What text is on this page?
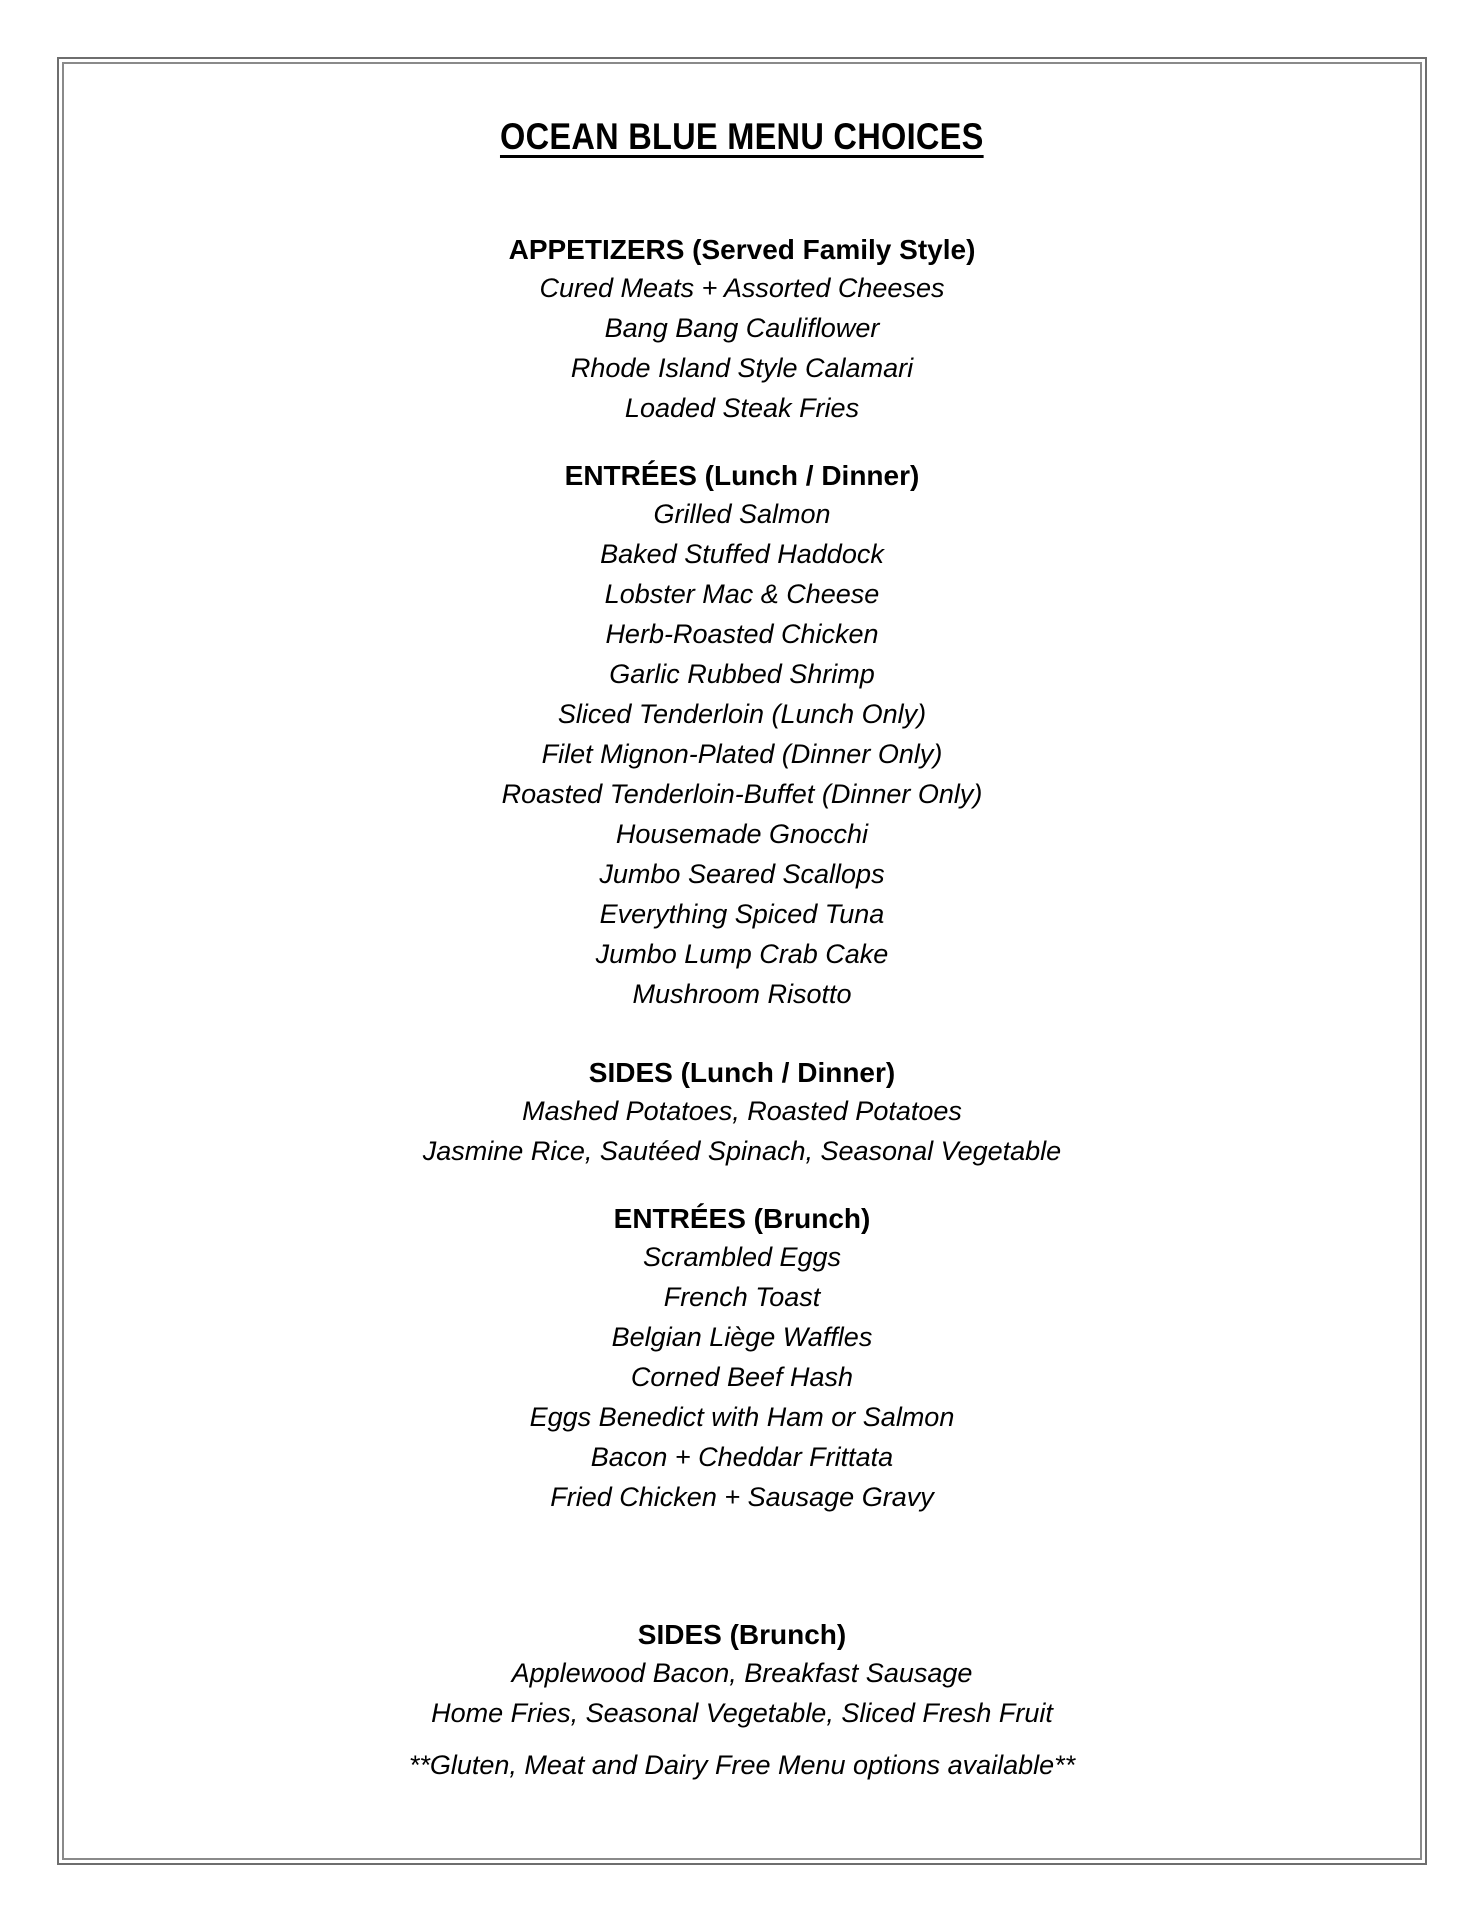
OCEAN BLUE MENU CHOICES
APPETIZERS (Served Family Style)
Cured Meats + Assorted Cheeses
Bang Bang Cauliflower
Rhode Island Style Calamari
Loaded Steak Fries
ENTRÉES (Lunch / Dinner)
Grilled Salmon
Baked Stuffed Haddock
Lobster Mac & Cheese
Herb-Roasted Chicken
Garlic Rubbed Shrimp
Sliced Tenderloin (Lunch Only)
Filet Mignon-Plated (Dinner Only)
Roasted Tenderloin-Buffet (Dinner Only)
Housemade Gnocchi
Jumbo Seared Scallops
Everything Spiced Tuna
Jumbo Lump Crab Cake
Mushroom Risotto
SIDES (Lunch / Dinner)
Mashed Potatoes, Roasted Potatoes
Jasmine Rice, Sautéed Spinach, Seasonal Vegetable
ENTRÉES (Brunch)
Scrambled Eggs
French Toast
Belgian Liège Waffles
Corned Beef Hash
Eggs Benedict with Ham or Salmon
Bacon + Cheddar Frittata
Fried Chicken + Sausage Gravy
SIDES (Brunch)
Applewood Bacon, Breakfast Sausage
Home Fries, Seasonal Vegetable, Sliced Fresh Fruit
**Gluten, Meat and Dairy Free Menu options available**
